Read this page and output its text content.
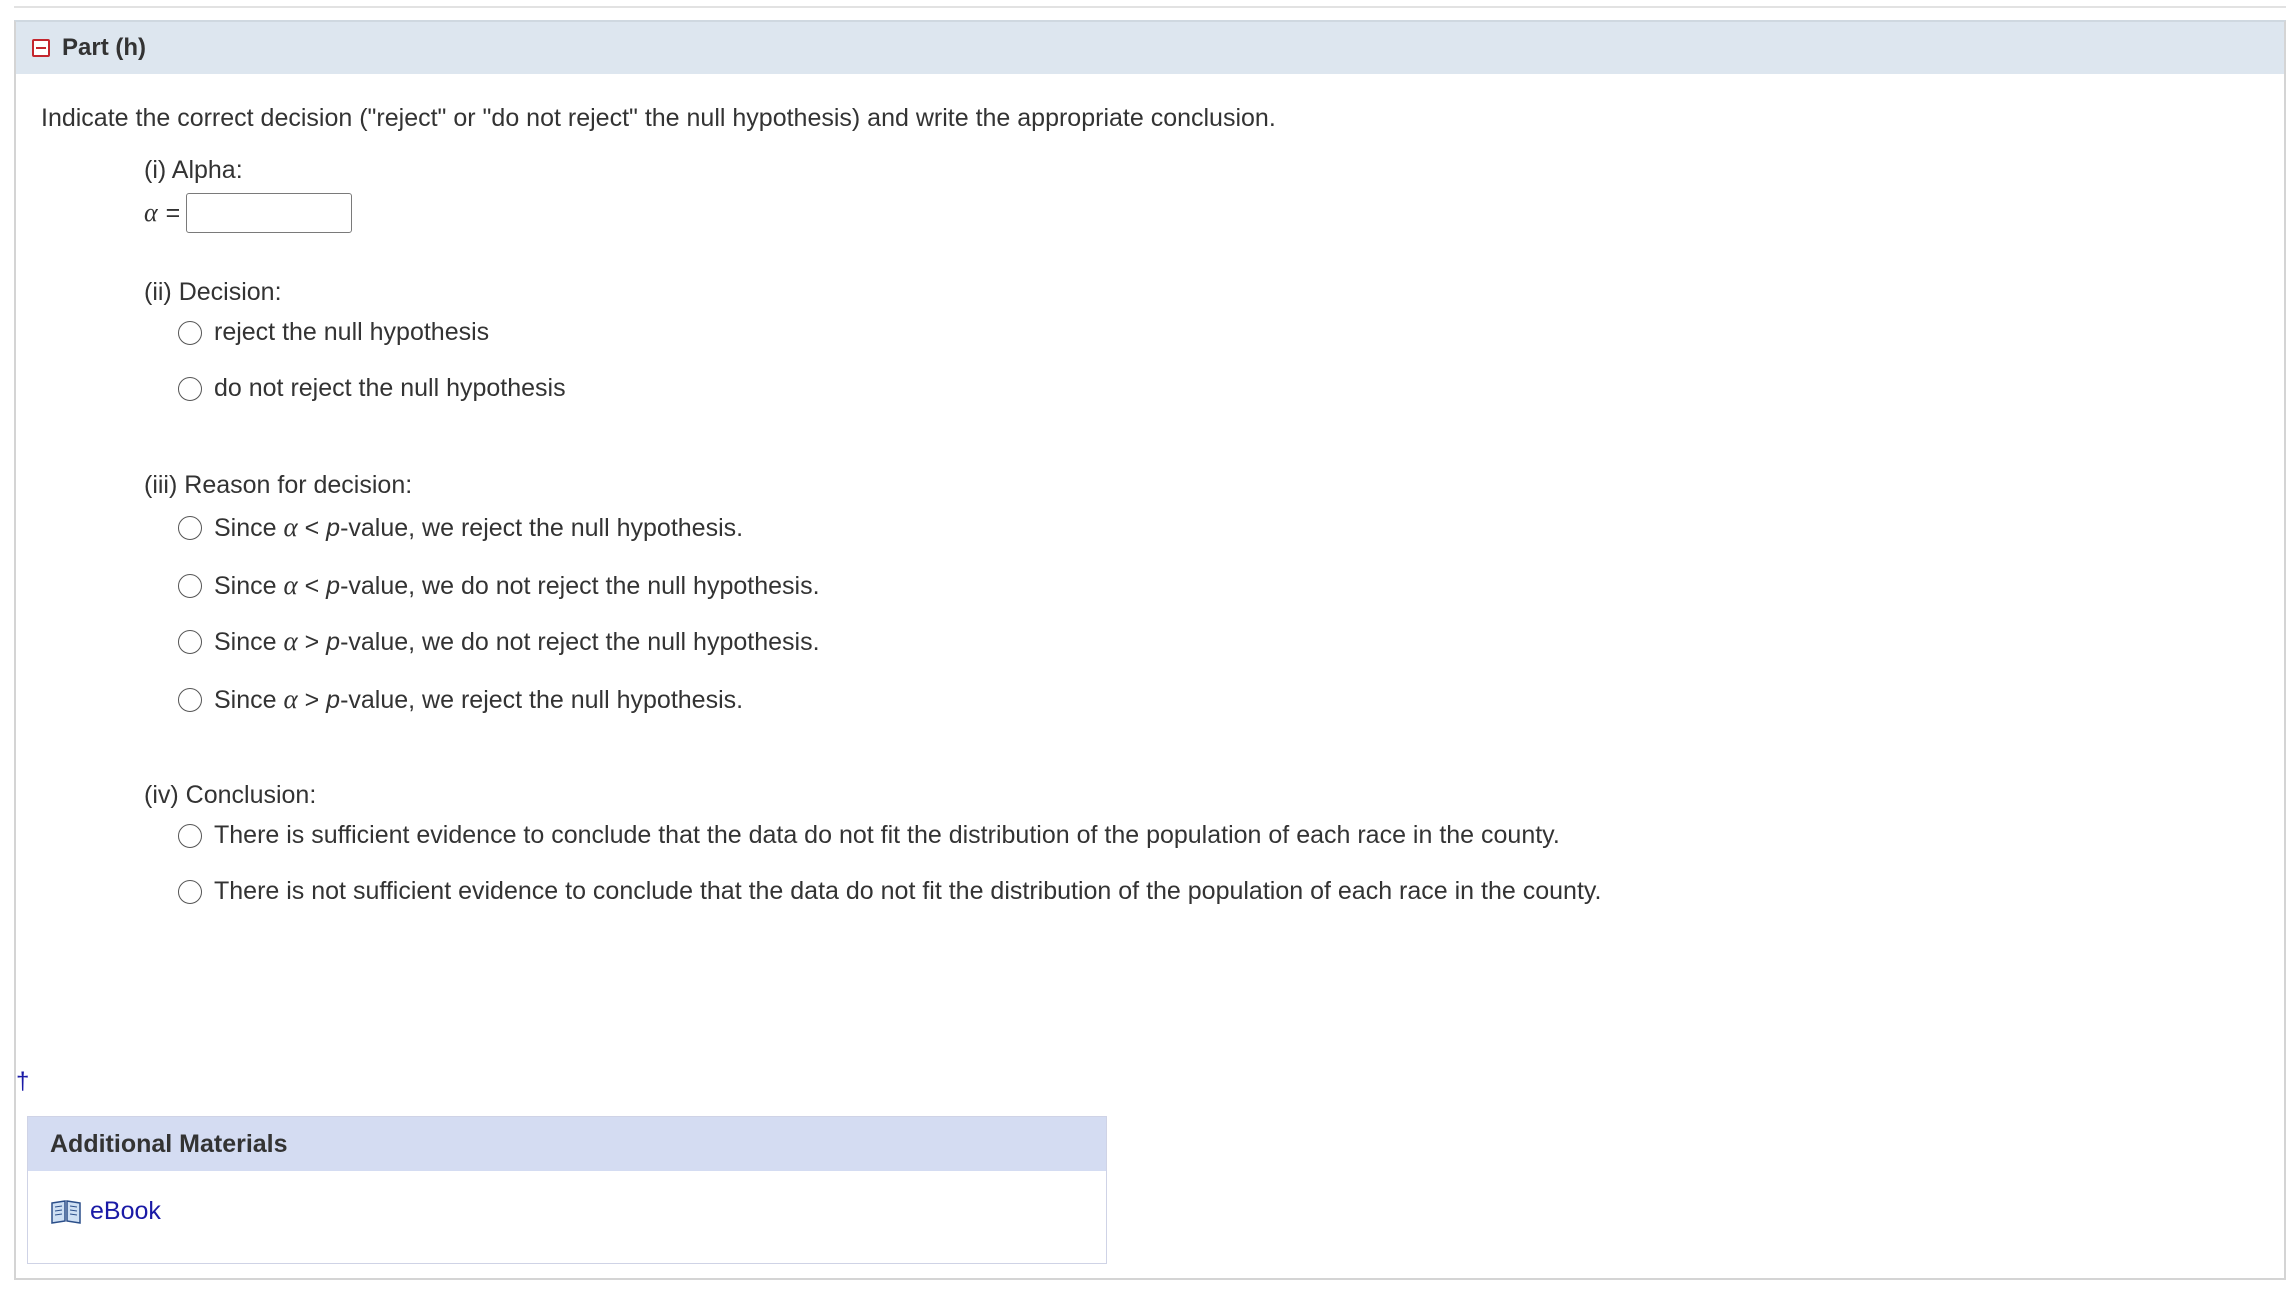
Part (h)
Indicate the correct decision ("reject" or "do not reject" the null hypothesis) and write the appropriate conclusion.
(i) Alpha:
α =
(ii) Decision:
reject the null hypothesis
do not reject the null hypothesis
(iii) Reason for decision:
Since α < p-value, we reject the null hypothesis.
Since α < p-value, we do not reject the null hypothesis.
Since α > p-value, we do not reject the null hypothesis.
Since α > p-value, we reject the null hypothesis.
(iv) Conclusion:
There is sufficient evidence to conclude that the data do not fit the distribution of the population of each race in the county.
There is not sufficient evidence to conclude that the data do not fit the distribution of the population of each race in the county.
†
Additional Materials
eBook
